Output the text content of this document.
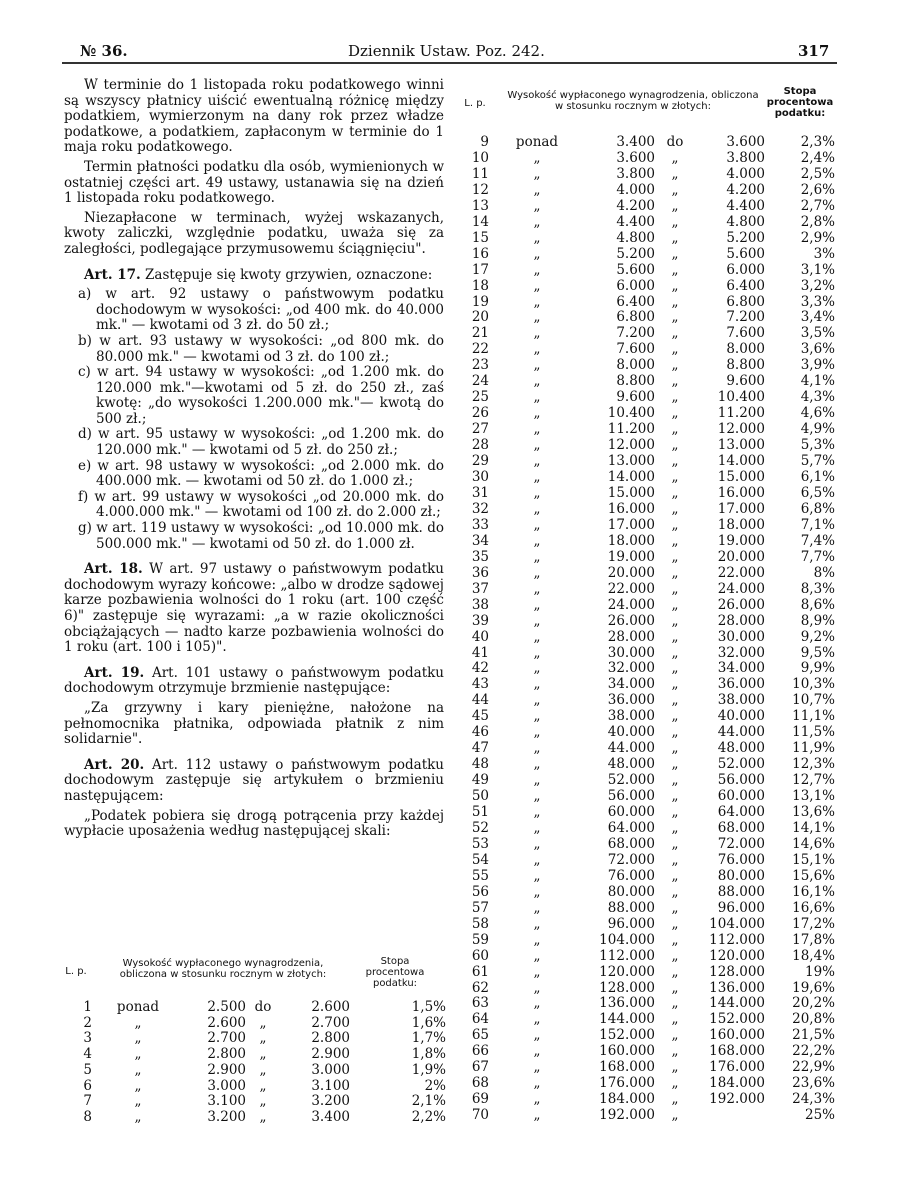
№ 36.	Dziennik Ustaw. Poz. 242.	317

W terminie do 1 listopada roku podatkowego winni są wszyscy płatnicy uiścić ewentualną różnicę między podatkiem, wymierzonym na dany rok przez władze podatkowe, a podatkiem, zapłaconym w terminie do 1 maja roku podatkowego.

Termin płatności podatku dla osób, wymienionych w ostatniej części art. 49 ustawy, ustanawia się na dzień 1 listopada roku podatkowego.

Niezapłacone w terminach, wyżej wskazanych, kwoty zaliczki, względnie podatku, uważa się za zaległości, podlegające przymusowemu ściągnięciu".

Art. 17. Zastępuje się kwoty grzywien, oznaczone:

a) w art. 92 ustawy o państwowym podatku dochodowym w wysokości: „od 400 mk. do 40.000 mk." — kwotami od 3 zł. do 50 zł.;

b) w art. 93 ustawy w wysokości: „od 800 mk. do 80.000 mk." — kwotami od 3 zł. do 100 zł.;

c) w art. 94 ustawy w wysokości: „od 1.200 mk. do 120.000 mk."—kwotami od 5 zł. do 250 zł., zaś kwotę: „do wysokości 1.200.000 mk."— kwotą do 500 zł.;

d) w art. 95 ustawy w wysokości: „od 1.200 mk. do 120.000 mk." — kwotami od 5 zł. do 250 zł.;

e) w art. 98 ustawy w wysokości: „od 2.000 mk. do 400.000 mk. — kwotami od 50 zł. do 1.000 zł.;

f) w art. 99 ustawy w wysokości „od 20.000 mk. do 4.000.000 mk." — kwotami od 100 zł. do 2.000 zł.;

g) w art. 119 ustawy w wysokości: „od 10.000 mk. do 500.000 mk." — kwotami od 50 zł. do 1.000 zł.

Art. 18. W art. 97 ustawy o państwowym podatku dochodowym wyrazy końcowe: „albo w drodze sądowej karze pozbawienia wolności do 1 roku (art. 100 część 6)" zastępuje się wyrazami: „a w razie okoliczności obciążających — nadto karze pozbawienia wolności do 1 roku (art. 100 i 105)".

Art. 19. Art. 101 ustawy o państwowym podatku dochodowym otrzymuje brzmienie następujące:

„Za grzywny i kary pieniężne, nałożone na pełnomocnika płatnika, odpowiada płatnik z nim solidarnie".

Art. 20. Art. 112 ustawy o państwowym podatku dochodowym zastępuje się artykułem o brzmieniu następującem:

„Podatek pobiera się drogą potrącenia przy każdej wypłacie uposażenia według następującej skali:

L. p.
Wysokość wypłaconego wynagrodzenia, obliczona w stosunku rocznym w złotych:
Stopa procentowa podatku:
1	ponad	2.500	do	2.600	1,5%
2	„	2.600	„	2.700	1,6%
3	„	2.700	„	2.800	1,7%
4	„	2.800	„	2.900	1,8%
5	„	2.900	„	3.000	1,9%
6	„	3.000	„	3.100	2%
7	„	3.100	„	3.200	2,1%
8	„	3.200	„	3.400	2,2%
L. p.
Wysokość wypłaconego wynagrodzenia, obliczona w stosunku rocznym w złotych:
Stopa procentowa podatku:
9	ponad	3.400	do	3.600	2,3%
10	„	3.600	„	3.800	2,4%
11	„	3.800	„	4.000	2,5%
12	„	4.000	„	4.200	2,6%
13	„	4.200	„	4.400	2,7%
14	„	4.400	„	4.800	2,8%
15	„	4.800	„	5.200	2,9%
16	„	5.200	„	5.600	3%
17	„	5.600	„	6.000	3,1%
18	„	6.000	„	6.400	3,2%
19	„	6.400	„	6.800	3,3%
20	„	6.800	„	7.200	3,4%
21	„	7.200	„	7.600	3,5%
22	„	7.600	„	8.000	3,6%
23	„	8.000	„	8.800	3,9%
24	„	8.800	„	9.600	4,1%
25	„	9.600	„	10.400	4,3%
26	„	10.400	„	11.200	4,6%
27	„	11.200	„	12.000	4,9%
28	„	12.000	„	13.000	5,3%
29	„	13.000	„	14.000	5,7%
30	„	14.000	„	15.000	6,1%
31	„	15.000	„	16.000	6,5%
32	„	16.000	„	17.000	6,8%
33	„	17.000	„	18.000	7,1%
34	„	18.000	„	19.000	7,4%
35	„	19.000	„	20.000	7,7%
36	„	20.000	„	22.000	8%
37	„	22.000	„	24.000	8,3%
38	„	24.000	„	26.000	8,6%
39	„	26.000	„	28.000	8,9%
40	„	28.000	„	30.000	9,2%
41	„	30.000	„	32.000	9,5%
42	„	32.000	„	34.000	9,9%
43	„	34.000	„	36.000	10,3%
44	„	36.000	„	38.000	10,7%
45	„	38.000	„	40.000	11,1%
46	„	40.000	„	44.000	11,5%
47	„	44.000	„	48.000	11,9%
48	„	48.000	„	52.000	12,3%
49	„	52.000	„	56.000	12,7%
50	„	56.000	„	60.000	13,1%
51	„	60.000	„	64.000	13,6%
52	„	64.000	„	68.000	14,1%
53	„	68.000	„	72.000	14,6%
54	„	72.000	„	76.000	15,1%
55	„	76.000	„	80.000	15,6%
56	„	80.000	„	88.000	16,1%
57	„	88.000	„	96.000	16,6%
58	„	96.000	„	104.000	17,2%
59	„	104.000	„	112.000	17,8%
60	„	112.000	„	120.000	18,4%
61	„	120.000	„	128.000	19%
62	„	128.000	„	136.000	19,6%
63	„	136.000	„	144.000	20,2%
64	„	144.000	„	152.000	20,8%
65	„	152.000	„	160.000	21,5%
66	„	160.000	„	168.000	22,2%
67	„	168.000	„	176.000	22,9%
68	„	176.000	„	184.000	23,6%
69	„	184.000	„	192.000	24,3%
70	„	192.000	„		25%
